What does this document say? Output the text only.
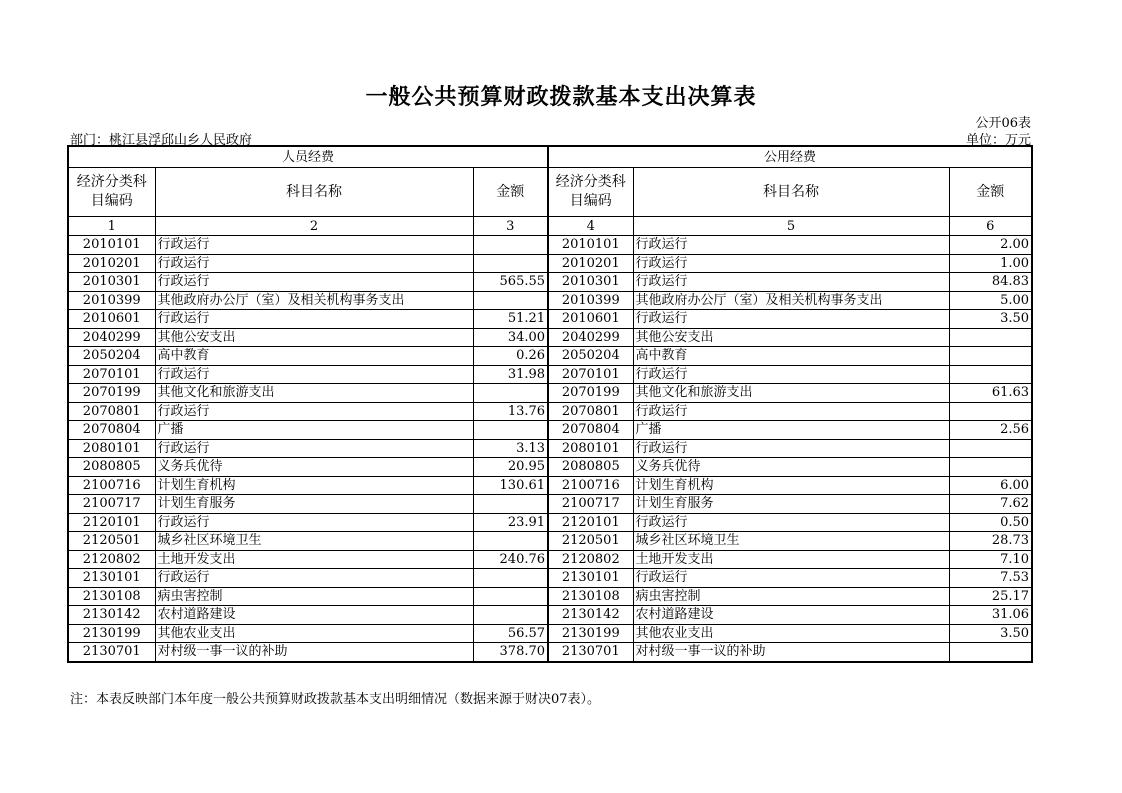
一般公共预算财政拨款基本支出决算表
公开06表
部门：桃江县浮邱山乡人民政府	单位：万元
人员经费			公用经费		
经济分类科目编码	科目名称	金额	经济分类科目编码	科目名称	金额
1	2	3	4	5	6
2010101	行政运行		2010101	行政运行	2.00
2010201	行政运行		2010201	行政运行	1.00
2010301	行政运行	565.55	2010301	行政运行	84.83
2010399	其他政府办公厅（室）及相关机构事务支出		2010399	其他政府办公厅（室）及相关机构事务支出	5.00
2010601	行政运行	51.21	2010601	行政运行	3.50
2040299	其他公安支出	34.00	2040299	其他公安支出	
2050204	高中教育	0.26	2050204	高中教育	
2070101	行政运行	31.98	2070101	行政运行	
2070199	其他文化和旅游支出		2070199	其他文化和旅游支出	61.63
2070801	行政运行	13.76	2070801	行政运行	
2070804	广播		2070804	广播	2.56
2080101	行政运行	3.13	2080101	行政运行	
2080805	义务兵优待	20.95	2080805	义务兵优待	
2100716	计划生育机构	130.61	2100716	计划生育机构	6.00
2100717	计划生育服务		2100717	计划生育服务	7.62
2120101	行政运行	23.91	2120101	行政运行	0.50
2120501	城乡社区环境卫生		2120501	城乡社区环境卫生	28.73
2120802	土地开发支出	240.76	2120802	土地开发支出	7.10
2130101	行政运行		2130101	行政运行	7.53
2130108	病虫害控制		2130108	病虫害控制	25.17
2130142	农村道路建设		2130142	农村道路建设	31.06
2130199	其他农业支出	56.57	2130199	其他农业支出	3.50
2130701	对村级一事一议的补助	378.70	2130701	对村级一事一议的补助	
注：本表反映部门本年度一般公共预算财政拨款基本支出明细情况（数据来源于财决07表）。
